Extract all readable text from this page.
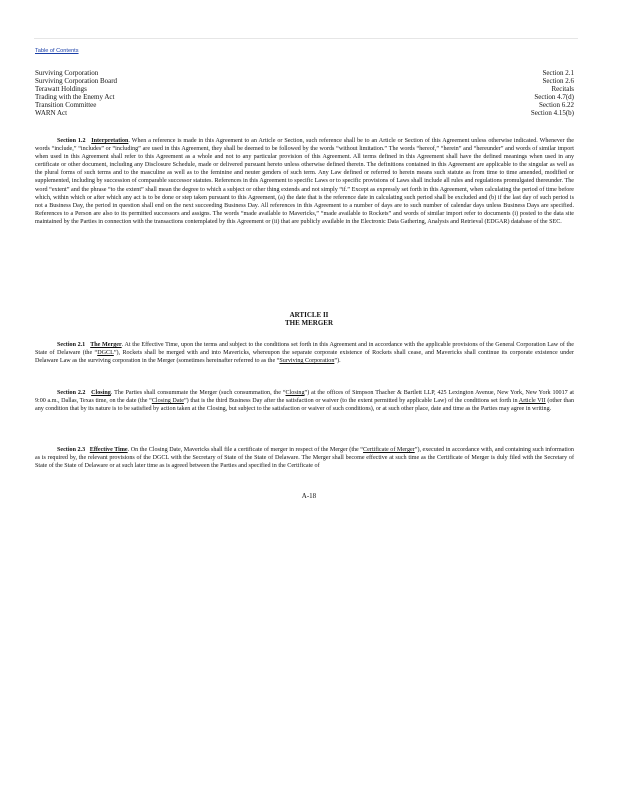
Table of Contents
Surviving Corporation	Section 2.1
Surviving Corporation Board	Section 2.6
Terawatt Holdings	Recitals
Trading with the Enemy Act	Section 4.7(d)
Transition Committee	Section 6.22
WARN Act	Section 4.15(b)
Section 1.2 Interpretation. When a reference is made in this Agreement to an Article or Section, such reference shall be to an Article or Section of this Agreement unless otherwise indicated. Whenever the words “include,” “includes” or “including” are used in this Agreement, they shall be deemed to be followed by the words “without limitation.” The words “hereof,” “herein” and “hereunder” and words of similar import when used in this Agreement shall refer to this Agreement as a whole and not to any particular provision of this Agreement. All terms defined in this Agreement shall have the defined meanings when used in any certificate or other document, including any Disclosure Schedule, made or delivered pursuant hereto unless otherwise defined therein. The definitions contained in this Agreement are applicable to the singular as well as the plural forms of such terms and to the masculine as well as to the feminine and neuter genders of such term. Any Law defined or referred to herein means such statute as from time to time amended, modified or supplemented, including by succession of comparable successor statutes. References in this Agreement to specific Laws or to specific provisions of Laws shall include all rules and regulations promulgated thereunder. The word “extent” and the phrase “to the extent” shall mean the degree to which a subject or other thing extends and not simply “if.” Except as expressly set forth in this Agreement, when calculating the period of time before which, within which or after which any act is to be done or step taken pursuant to this Agreement, (a) the date that is the reference date in calculating such period shall be excluded and (b) if the last day of such period is not a Business Day, the period in question shall end on the next succeeding Business Day. All references in this Agreement to a number of days are to such number of calendar days unless Business Days are specified. References to a Person are also to its permitted successors and assigns. The words “made available to Mavericks,” “made available to Rockets” and words of similar import refer to documents (i) posted to the data site maintained by the Parties in connection with the transactions contemplated by this Agreement or (ii) that are publicly available in the Electronic Data Gathering, Analysis and Retrieval (EDGAR) database of the SEC.
ARTICLE II
THE MERGER
Section 2.1 The Merger. At the Effective Time, upon the terms and subject to the conditions set forth in this Agreement and in accordance with the applicable provisions of the General Corporation Law of the State of Delaware (the “DGCL”), Rockets shall be merged with and into Mavericks, whereupon the separate corporate existence of Rockets shall cease, and Mavericks shall continue its corporate existence under Delaware Law as the surviving corporation in the Merger (sometimes hereinafter referred to as the “Surviving Corporation”).
Section 2.2 Closing. The Parties shall consummate the Merger (such consummation, the “Closing”) at the offices of Simpson Thacher & Bartlett LLP, 425 Lexington Avenue, New York, New York 10017 at 9:00 a.m., Dallas, Texas time, on the date (the “Closing Date”) that is the third Business Day after the satisfaction or waiver (to the extent permitted by applicable Law) of the conditions set forth in Article VII (other than any condition that by its nature is to be satisfied by action taken at the Closing, but subject to the satisfaction or waiver of such conditions), or at such other place, date and time as the Parties may agree in writing.
Section 2.3 Effective Time. On the Closing Date, Mavericks shall file a certificate of merger in respect of the Merger (the “Certificate of Merger”), executed in accordance with, and containing such information as is required by, the relevant provisions of the DGCL with the Secretary of State of the State of Delaware. The Merger shall become effective at such time as the Certificate of Merger is duly filed with the Secretary of State of the State of Delaware or at such later time as is agreed between the Parties and specified in the Certificate of
A-18
